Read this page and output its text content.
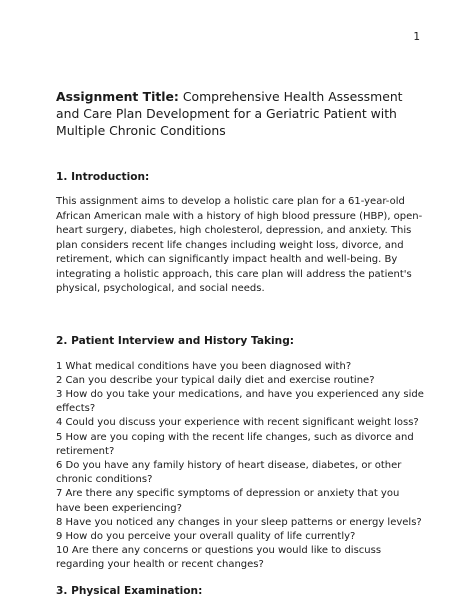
1

Assignment Title: Comprehensive Health Assessment and Care Plan Development for a Geriatric Patient with Multiple Chronic Conditions

1. Introduction:

This assignment aims to develop a holistic care plan for a 61-year-old African American male with a history of high blood pressure (HBP), open-heart surgery, diabetes, high cholesterol, depression, and anxiety. This plan considers recent life changes including weight loss, divorce, and retirement, which can significantly impact health and well-being. By integrating a holistic approach, this care plan will address the patient's physical, psychological, and social needs.

2. Patient Interview and History Taking:
1 What medical conditions have you been diagnosed with?
2 Can you describe your typical daily diet and exercise routine?
3 How do you take your medications, and have you experienced any side effects?
4 Could you discuss your experience with recent significant weight loss?
5 How are you coping with the recent life changes, such as divorce and retirement?
6 Do you have any family history of heart disease, diabetes, or other chronic conditions?
7 Are there any specific symptoms of depression or anxiety that you have been experiencing?
8 Have you noticed any changes in your sleep patterns or energy levels?
9 How do you perceive your overall quality of life currently?
10 Are there any concerns or questions you would like to discuss regarding your health or recent changes?
3. Physical Examination:
